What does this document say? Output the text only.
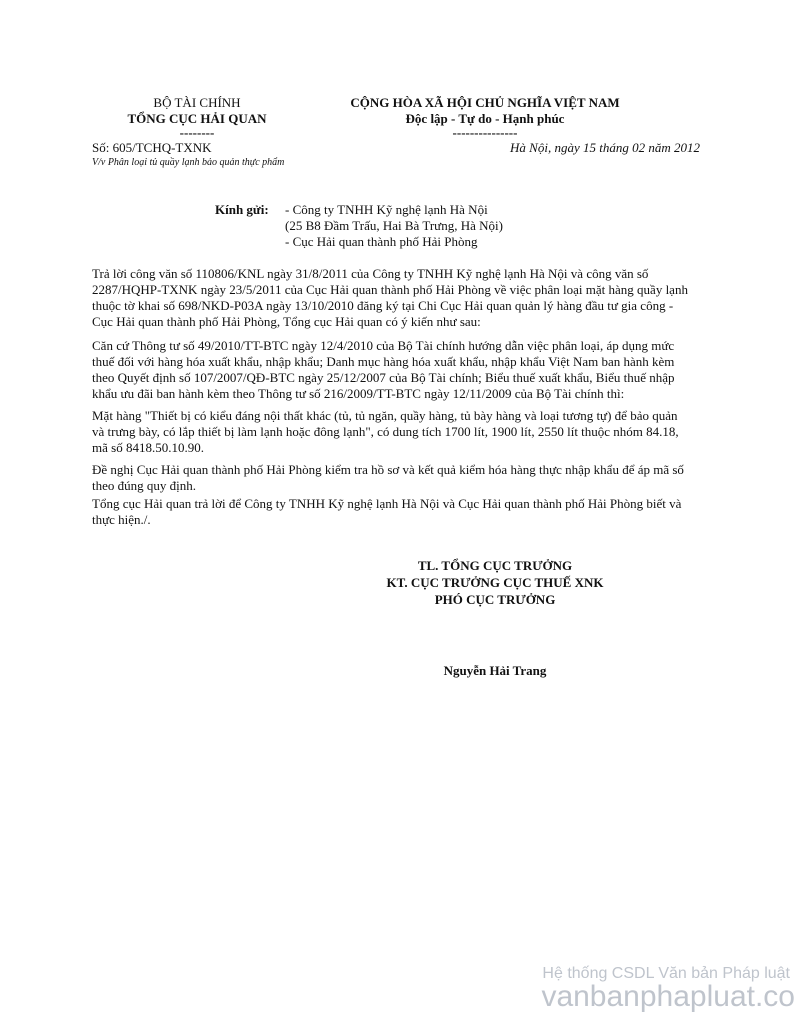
BỘ TÀI CHÍNH
TỔNG CỤC HẢI QUAN
--------
Số: 605/TCHQ-TXNK
V/v Phân loại tủ quầy lạnh bảo quản thực phẩm
CỘNG HÒA XÃ HỘI CHỦ NGHĨA VIỆT NAM
Độc lập - Tự do - Hạnh phúc
---------------
Hà Nội, ngày 15 tháng 02 năm 2012
Kính gửi: - Công ty TNHH Kỹ nghệ lạnh Hà Nội
(25 B8 Đầm Trấu, Hai Bà Trưng, Hà Nội)
- Cục Hải quan thành phố Hải Phòng
Trả lời công văn số 110806/KNL ngày 31/8/2011 của Công ty TNHH Kỹ nghệ lạnh Hà Nội và công văn số 2287/HQHP-TXNK ngày 23/5/2011 của Cục Hải quan thành phố Hải Phòng về việc phân loại mặt hàng quầy lạnh thuộc tờ khai số 698/NKD-P03A ngày 13/10/2010 đăng ký tại Chi Cục Hải quan quản lý hàng đầu tư gia công - Cục Hải quan thành phố Hải Phòng, Tổng cục Hải quan có ý kiến như sau:
Căn cứ Thông tư số 49/2010/TT-BTC ngày 12/4/2010 của Bộ Tài chính hướng dẫn việc phân loại, áp dụng mức thuế đối với hàng hóa xuất khẩu, nhập khẩu; Danh mục hàng hóa xuất khẩu, nhập khẩu Việt Nam ban hành kèm theo Quyết định số 107/2007/QĐ-BTC ngày 25/12/2007 của Bộ Tài chính; Biểu thuế xuất khẩu, Biểu thuế nhập khẩu ưu đãi ban hành kèm theo Thông tư số 216/2009/TT-BTC ngày 12/11/2009 của Bộ Tài chính thì:
Mặt hàng "Thiết bị có kiểu đáng nội thất khác (tủ, tủ ngăn, quầy hàng, tủ bày hàng và loại tương tự) để bảo quản và trưng bày, có lắp thiết bị làm lạnh hoặc đông lạnh", có dung tích 1700 lít, 1900 lít, 2550 lít thuộc nhóm 84.18, mã số 8418.50.10.90.
Đề nghị Cục Hải quan thành phố Hải Phòng kiểm tra hồ sơ và kết quả kiểm hóa hàng thực nhập khẩu để áp mã số theo đúng quy định.
Tổng cục Hải quan trả lời để Công ty TNHH Kỹ nghệ lạnh Hà Nội và Cục Hải quan thành phố Hải Phòng biết và thực hiện./.
TL. TỔNG CỤC TRƯỞNG
KT. CỤC TRƯỞNG CỤC THUẾ XNK
PHÓ CỤC TRƯỞNG
Nguyễn Hải Trang
Hệ thống CSDL Văn bản Pháp luật
vanbanphapluat.co
